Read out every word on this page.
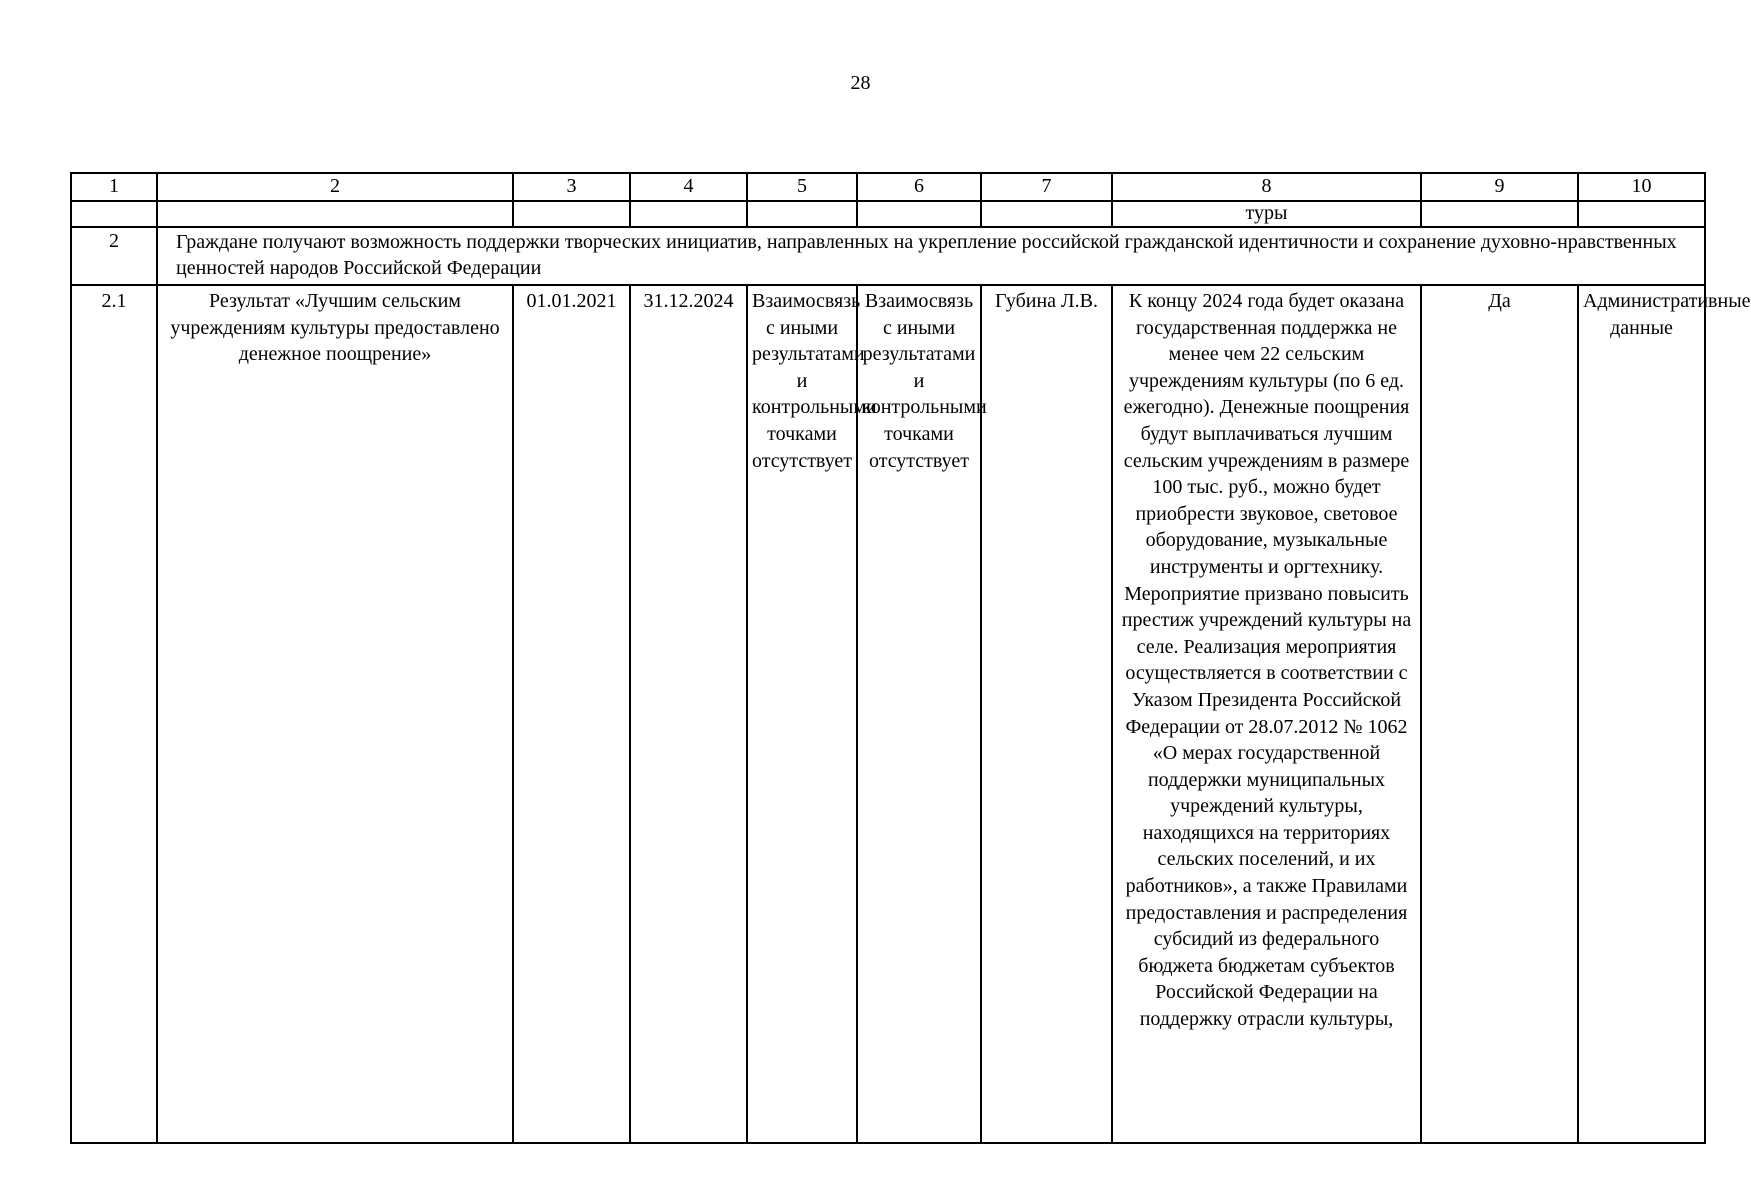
28
1	2	3	4	5	6	7	8	9	10
							туры		
2	Граждане получают возможность поддержки творческих инициатив, направленных на укрепление российской гражданской идентичности и сохранение духовно-нравственных ценностей народов Российской Федерации								
2.1	Результат «Лучшим сельским учреждениям культуры предоставлено денежное поощрение»	01.01.2021	31.12.2024	Взаимосвязь с иными результатами и контрольными точками отсутствует	Взаимосвязь с иными результатами и контрольными точками отсутствует	Губина Л.В.	К концу 2024 года будет оказана государственная поддержка не менее чем 22 сельским учреждениям культуры (по 6 ед. ежегодно). Денежные поощрения будут выплачиваться лучшим сельским учреждениям в размере 100 тыс. руб., можно будет приобрести звуковое, световое оборудование, музыкальные инструменты и оргтехнику. Мероприятие призвано повысить престиж учреждений культуры на селе. Реализация мероприятия осуществляется в соответствии с Указом Президента Российской Федерации от 28.07.2012 № 1062 «О мерах государственной поддержки муниципальных учреждений культуры, находящихся на территориях сельских поселений, и их работников», а также Правилами предоставления и распределения субсидий из федерального бюджета бюджетам субъектов Российской Федерации на поддержку отрасли культуры,	Да	Административные данные
